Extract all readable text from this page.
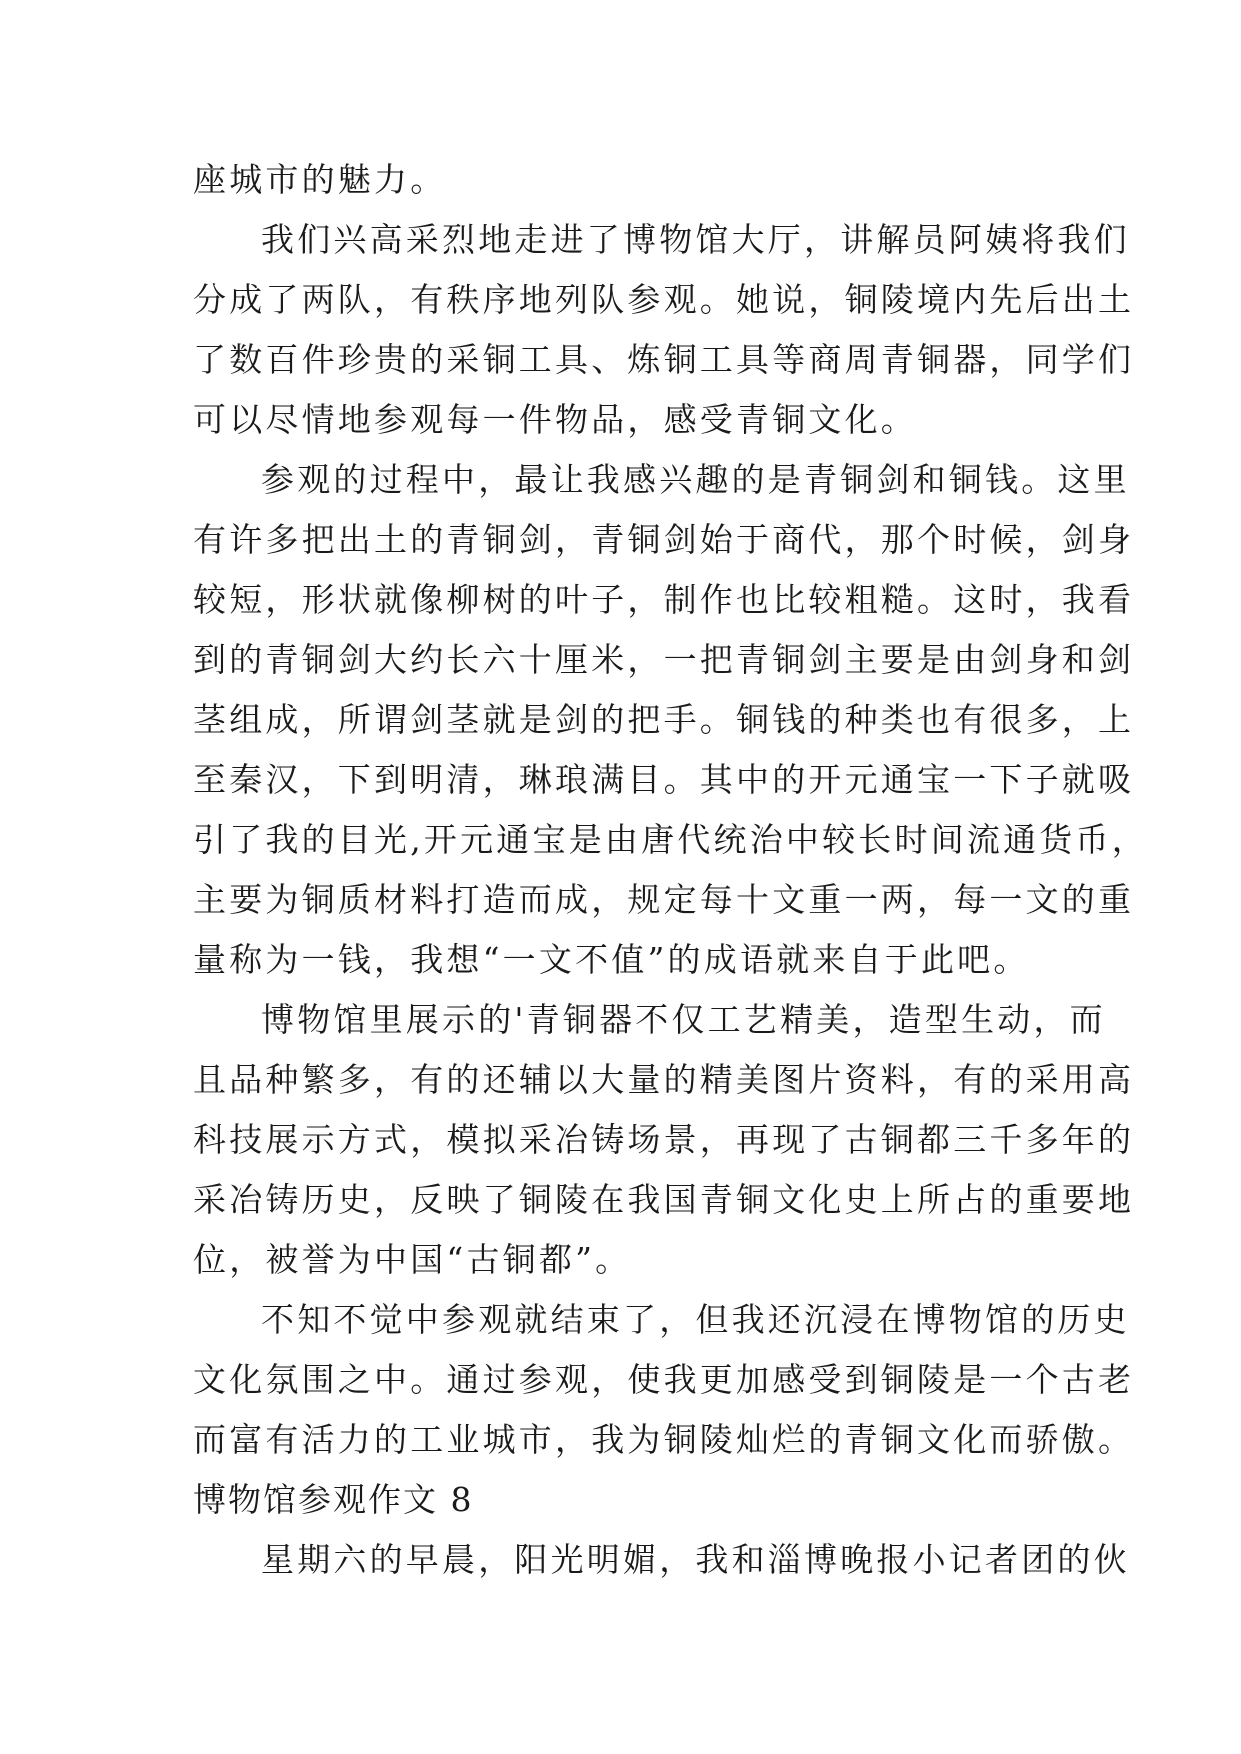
座城市的魅力。
我们兴高采烈地走进了博物馆大厅，讲解员阿姨将我们
分成了两队，有秩序地列队参观。她说，铜陵境内先后出土
了数百件珍贵的采铜工具、炼铜工具等商周青铜器，同学们
可以尽情地参观每一件物品，感受青铜文化。
参观的过程中，最让我感兴趣的是青铜剑和铜钱。这里
有许多把出土的青铜剑，青铜剑始于商代，那个时候，剑身
较短，形状就像柳树的叶子，制作也比较粗糙。这时，我看
到的青铜剑大约长六十厘米，一把青铜剑主要是由剑身和剑
茎组成，所谓剑茎就是剑的把手。铜钱的种类也有很多，上
至秦汉，下到明清，琳琅满目。其中的开元通宝一下子就吸
引了我的目光,开元通宝是由唐代统治中较长时间流通货币，
主要为铜质材料打造而成，规定每十文重一两，每一文的重
量称为一钱，我想“一文不值”的成语就来自于此吧。
博物馆里展示的'青铜器不仅工艺精美，造型生动，而
且品种繁多，有的还辅以大量的精美图片资料，有的采用高
科技展示方式，模拟采冶铸场景，再现了古铜都三千多年的
采冶铸历史，反映了铜陵在我国青铜文化史上所占的重要地
位，被誉为中国“古铜都”。
不知不觉中参观就结束了，但我还沉浸在博物馆的历史
文化氛围之中。通过参观，使我更加感受到铜陵是一个古老
而富有活力的工业城市，我为铜陵灿烂的青铜文化而骄傲。
博物馆参观作文 8
星期六的早晨，阳光明媚，我和淄博晚报小记者团的伙
